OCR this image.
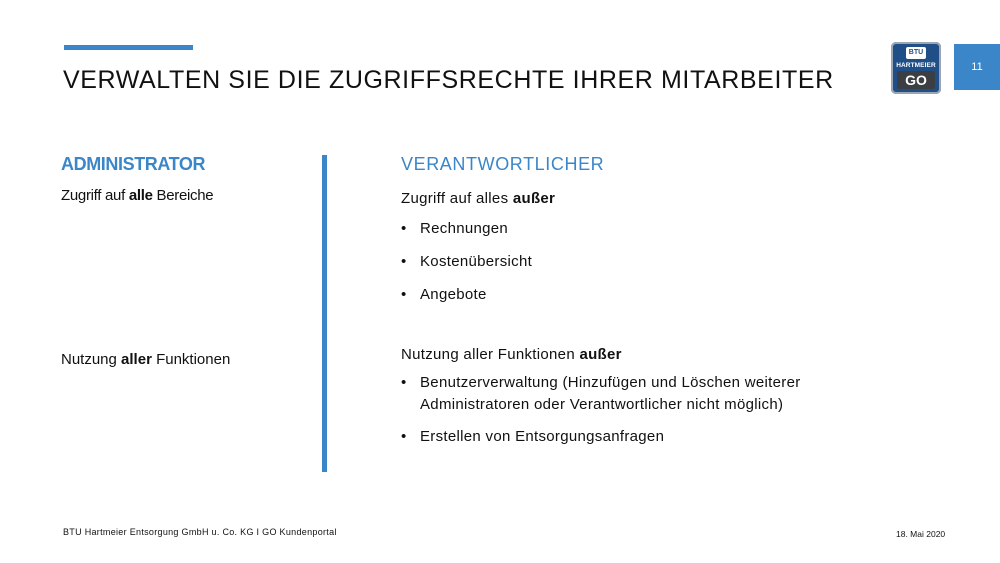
VERWALTEN SIE DIE ZUGRIFFSRECHTE IHRER MITARBEITER
BTU
HARTMEIER
GO
11
ADMINISTRATOR
Zugriff auf alle Bereiche
Nutzung aller Funktionen
VERANTWORTLICHER
Zugriff auf alles außer
• Rechnungen
• Kostenübersicht
• Angebote
Nutzung aller Funktionen außer
• Benutzerverwaltung (Hinzufügen und Löschen weiterer
Administratoren oder Verantwortlicher nicht möglich)
• Erstellen von Entsorgungsanfragen
BTU Hartmeier Entsorgung GmbH u. Co. KG I GO Kundenportal	18. Mai 2020
